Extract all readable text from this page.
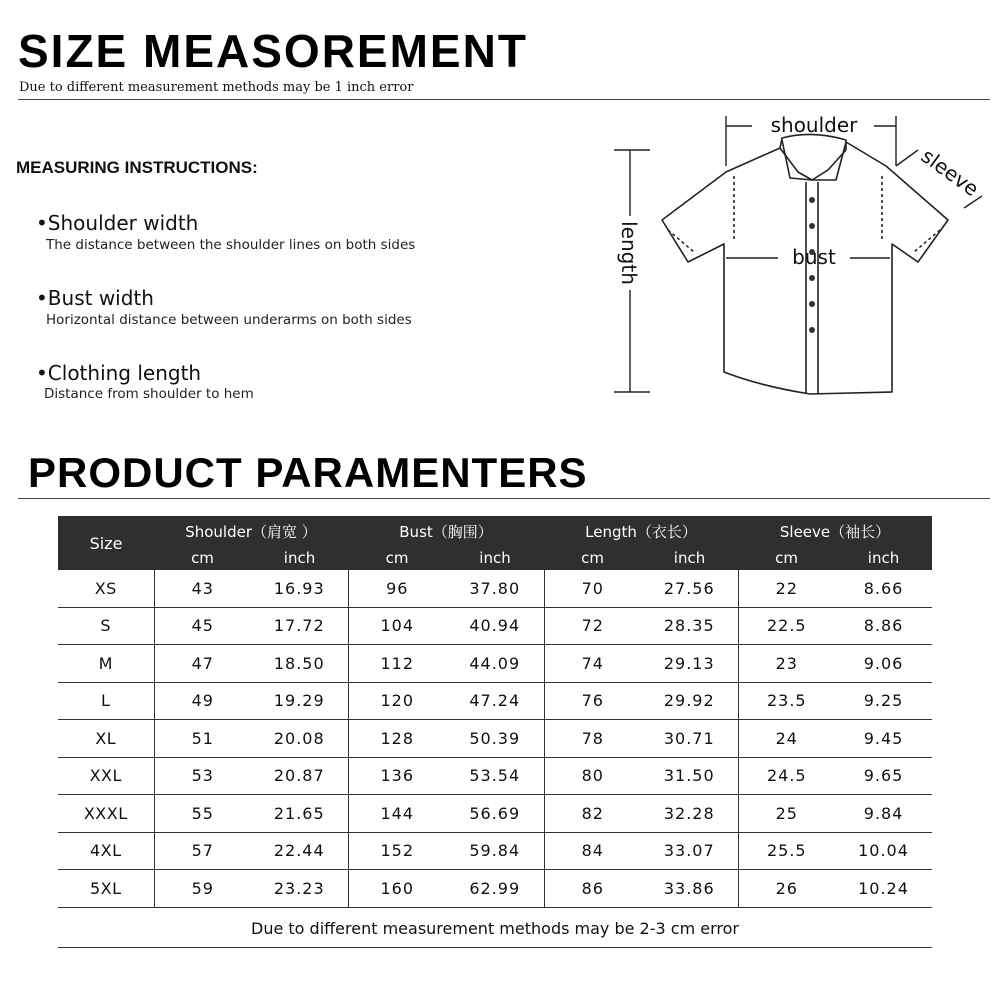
SIZE MEASOREMENT
Due to different measurement methods may be 1 inch error
MEASURING INSTRUCTIONS:
•Shoulder width
The distance between the shoulder lines on both sides
•Bust width
Horizontal distance between underarms on both sides
•Clothing length
Distance from shoulder to hem
shoulder
sleeve
length	bust
PRODUCT PARAMENTERS
Size	Shoulder（肩宽 ）		Bust（胸围）		Length（衣长）		Sleeve（袖长）	
	cm	inch	cm	inch	cm	inch	cm	inch
XS	43	16.93	96	37.80	70	27.56	22	8.66
S	45	17.72	104	40.94	72	28.35	22.5	8.86
M	47	18.50	112	44.09	74	29.13	23	9.06
L	49	19.29	120	47.24	76	29.92	23.5	9.25
XL	51	20.08	128	50.39	78	30.71	24	9.45
XXL	53	20.87	136	53.54	80	31.50	24.5	9.65
XXXL	55	21.65	144	56.69	82	32.28	25	9.84
4XL	57	22.44	152	59.84	84	33.07	25.5	10.04
5XL	59	23.23	160	62.99	86	33.86	26	10.24
Due to different measurement methods may be 2-3 cm error
